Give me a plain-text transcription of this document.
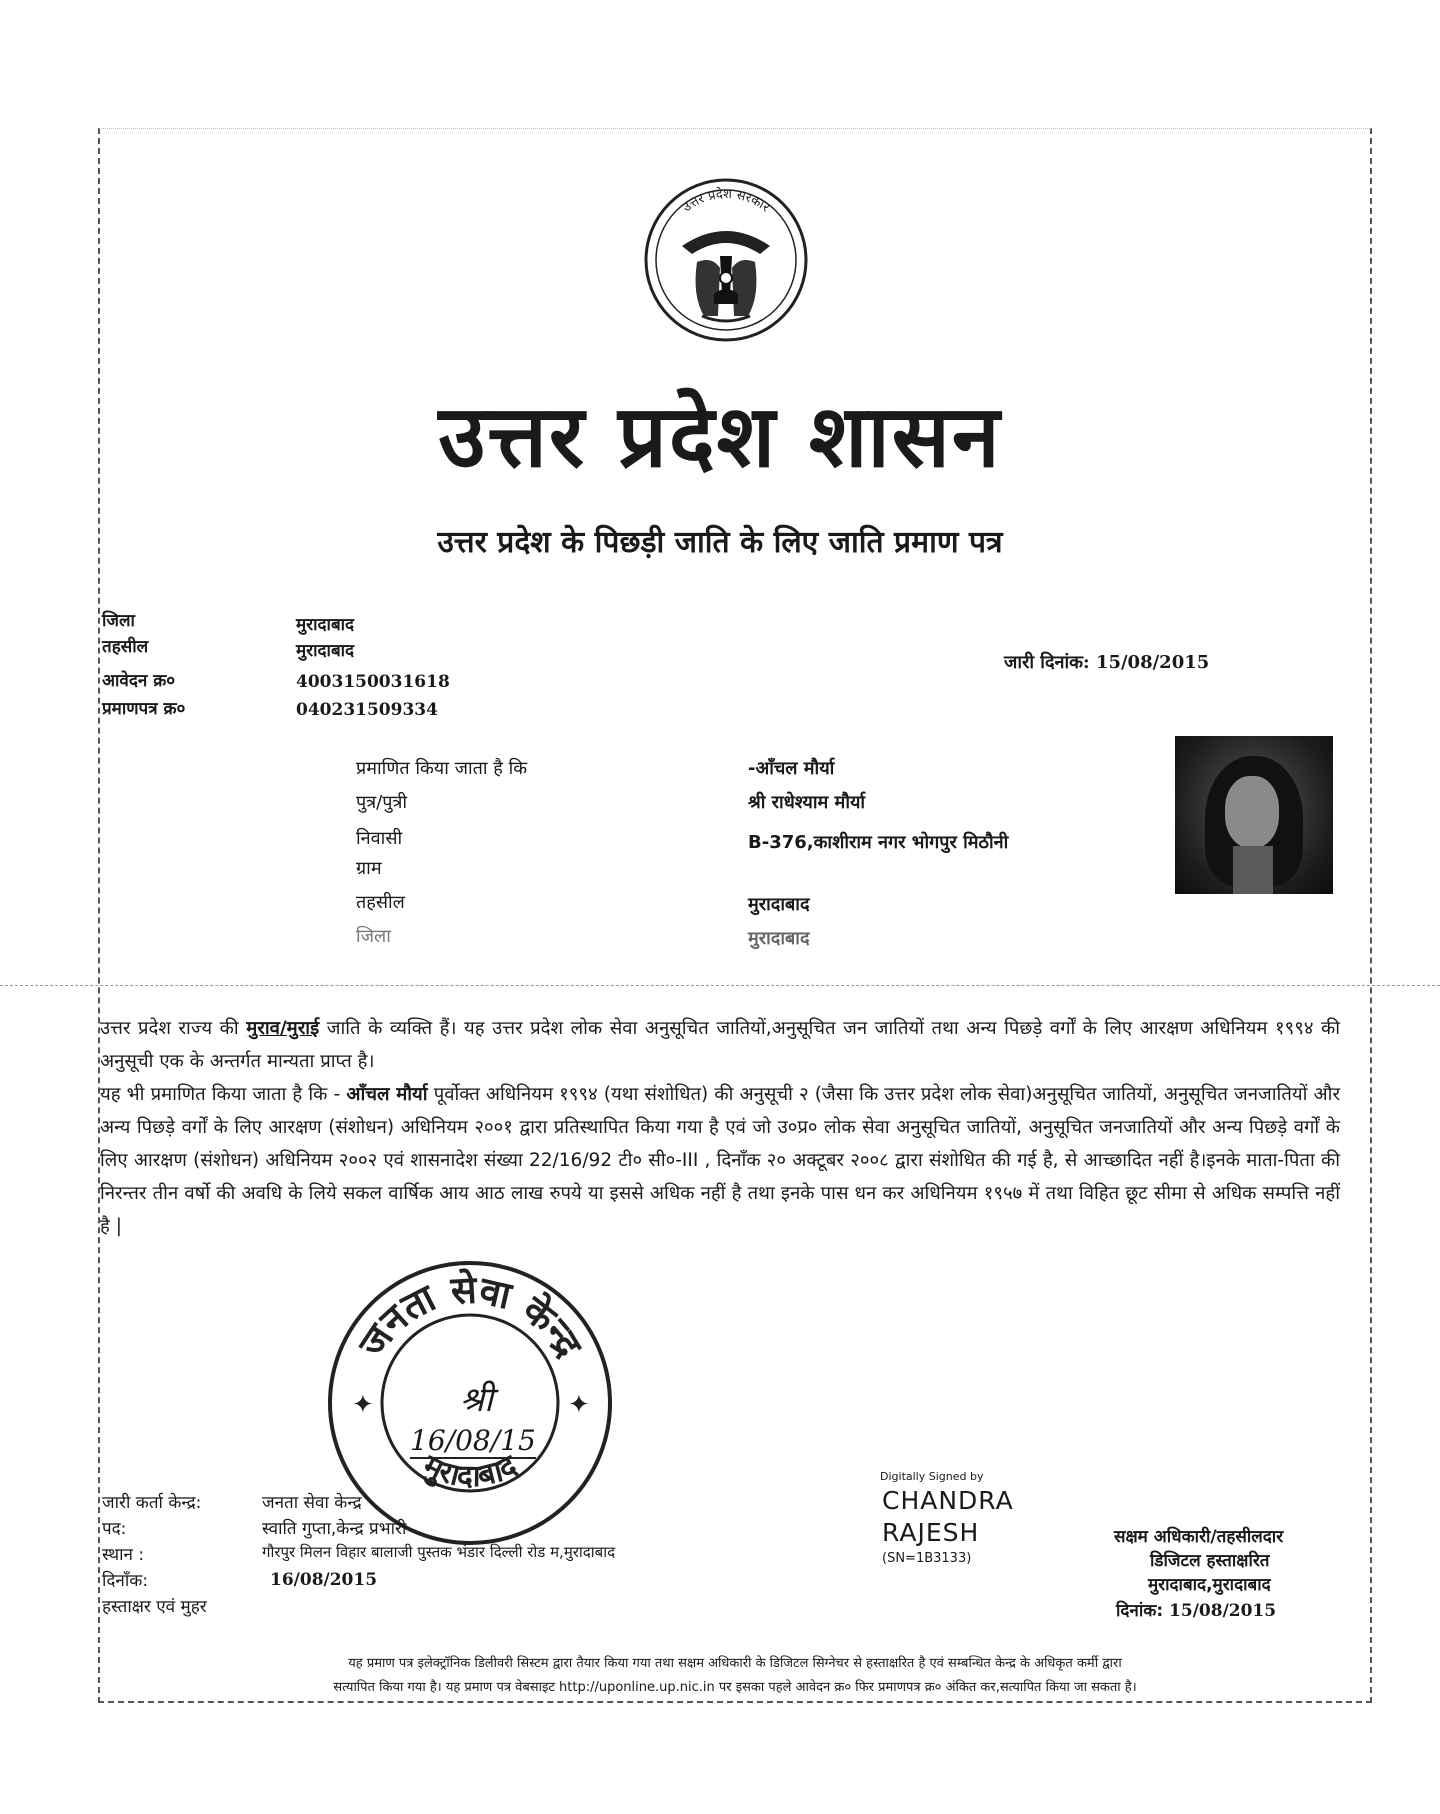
उत्तर प्रदेश सरकार
उत्तर प्रदेश शासन
उत्तर प्रदेश के पिछड़ी जाति के लिए जाति प्रमाण पत्र
जिला	मुरादाबाद
तहसील	मुरादाबाद
आवेदन क्र०	4003150031618
प्रमाणपत्र क्र०	040231509334
जारी दिनांक: 15/08/2015
प्रमाणित किया जाता है कि	-आँचल मौर्या
पुत्र/पुत्री	श्री राधेश्याम मौर्या
निवासी	B-376,काशीराम नगर भोगपुर मिठौनी
ग्राम
तहसील	मुरादाबाद
जिला	मुरादाबाद

उत्तर प्रदेश राज्य की मुराव/मुराई जाति के व्यक्ति हैं। यह उत्तर प्रदेश लोक सेवा अनुसूचित जातियों,अनुसूचित जन जातियों तथा अन्य पिछड़े वर्गों के लिए आरक्षण अधिनियम १९९४ की अनुसूची एक के अन्तर्गत मान्यता प्राप्त है।

यह भी प्रमाणित किया जाता है कि - आँचल मौर्या पूर्वोक्त अधिनियम १९९४ (यथा संशोधित) की अनुसूची २ (जैसा कि उत्तर प्रदेश लोक सेवा)अनुसूचित जातियों, अनुसूचित जनजातियों और अन्य पिछड़े वर्गों के लिए आरक्षण (संशोधन) अधिनियम २००१ द्वारा प्रतिस्थापित किया गया है एवं जो उ०प्र० लोक सेवा अनुसूचित जातियों, अनुसूचित जनजातियों और अन्य पिछड़े वर्गों के लिए आरक्षण (संशोधन) अधिनियम २००२ एवं शासनादेश संख्या 22/16/92 टी० सी०-III , दिनाँक २० अक्टूबर २००८ द्वारा संशोधित की गई है, से आच्छादित नहीं है।इनके माता-पिता की निरन्तर तीन वर्षो की अवधि के लिये सकल वार्षिक आय आठ लाख रुपये या इससे अधिक नहीं है तथा इनके पास धन कर अधिनियम १९५७ में तथा विहित छूट सीमा से अधिक सम्पत्ति नहीं है |

जनता सेवा केन्द्र
मुरादाबाद
✦	✦
श्री
16/08/15
जारी कर्ता केन्द्र:	जनता सेवा केन्द्र
पद:	स्वाति गुप्ता,केन्द्र प्रभारी
स्थान :	गौरपुर मिलन विहार बालाजी पुस्तक भंडार दिल्ली रोड म,मुरादाबाद
दिनाँक:	16/08/2015
हस्ताक्षर एवं मुहर
Digitally Signed by
CHANDRA
RAJESH
(SN=1B3133)
सक्षम अधिकारी/तहसीलदार
डिजिटल हस्ताक्षरित
मुरादाबाद,मुरादाबाद
दिनांक: 15/08/2015

यह प्रमाण पत्र इलेक्ट्रॉनिक डिलीवरी सिस्टम द्वारा तैयार किया गया तथा सक्षम अधिकारी के डिजिटल सिग्नेचर से हस्ताक्षरित है एवं सम्बन्धित केन्द्र के अधिकृत कर्मी द्वारा

सत्यापित किया गया है। यह प्रमाण पत्र वेबसाइट http://uponline.up.nic.in पर इसका पहले आवेदन क्र० फिर प्रमाणपत्र क्र० अंकित कर,सत्यापित किया जा सकता है।
